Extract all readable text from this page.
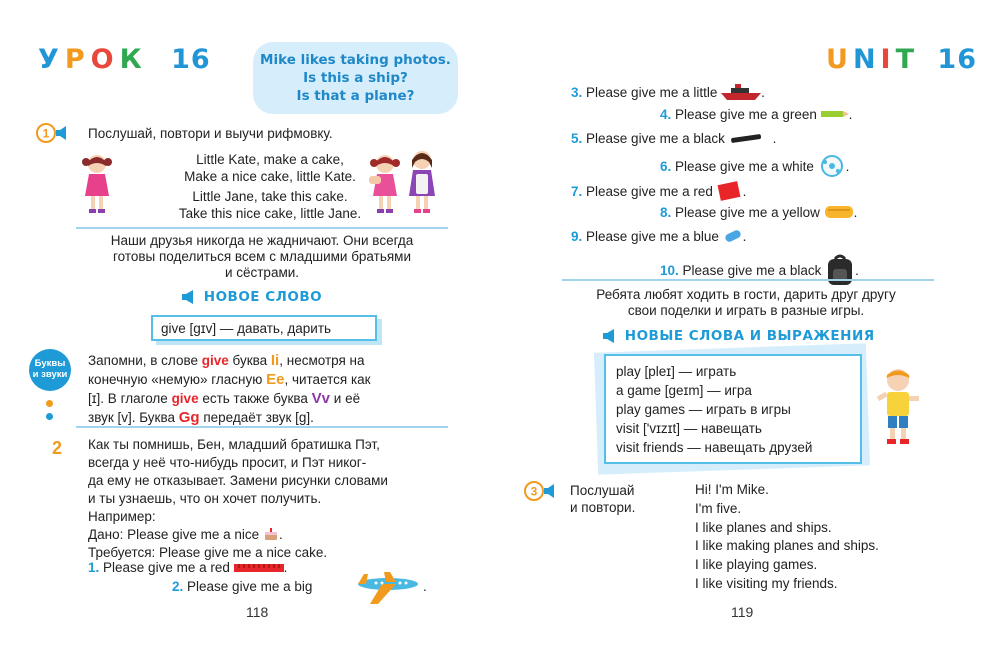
УРОК 16	Mike likes taking photos.
Is this a ship?
Is that a plane?
1	Послушай, повтори и выучи рифмовку.
Little Kate, make a cake,
Make a nice cake, little Kate.
Little Jane, take this cake.
Take this nice cake, little Jane.
Наши друзья никогда не жадничают. Они всегда
готовы поделиться всем с младшими братьями
и сёстрами.
НОВОЕ СЛОВО
give [gɪv] — давать, дарить
Буквы
и звуки
Запомни, в слове give буква Ii, несмотря на
конечную «немую» гласную Ee, читается как
[ɪ]. В глаголе give есть также буква Vv и её
звук [v]. Буква Gg передаёт звук [g].
2 Как ты помнишь, Бен, младший братишка Пэт,
всегда у неё что-нибудь просит, и Пэт никог-
да ему не отказывает. Замени рисунки словами
и ты узнаешь, что он хочет получить.
Например:
Дано: Please give me a nice .
Требуется: Please give me a nice cake.
1. Please give me a red	.
2. Please give me a big	.
118
UNIT 16
3. Please give me a little	.
4. Please give me a green .
5. Please give me a black	.
6. Please give me a white .
7. Please give me a red .
8. Please give me a yellow	.
9. Please give me a blue .
10. Please give me a black	.
Ребята любят ходить в гости, дарить друг другу
свои поделки и играть в разные игры.
НОВЫЕ СЛОВА И ВЫРАЖЕНИЯ
play [pleɪ] — играть
a game [geɪm] — игра
play games — играть в игры
visit ['vɪzɪt] — навещать
visit friends — навещать друзей
3 Послушай
и повтори.
Hi! I'm Mike.
I'm five.
I like planes and ships.
I like making planes and ships.
I like playing games.
I like visiting my friends.
119
